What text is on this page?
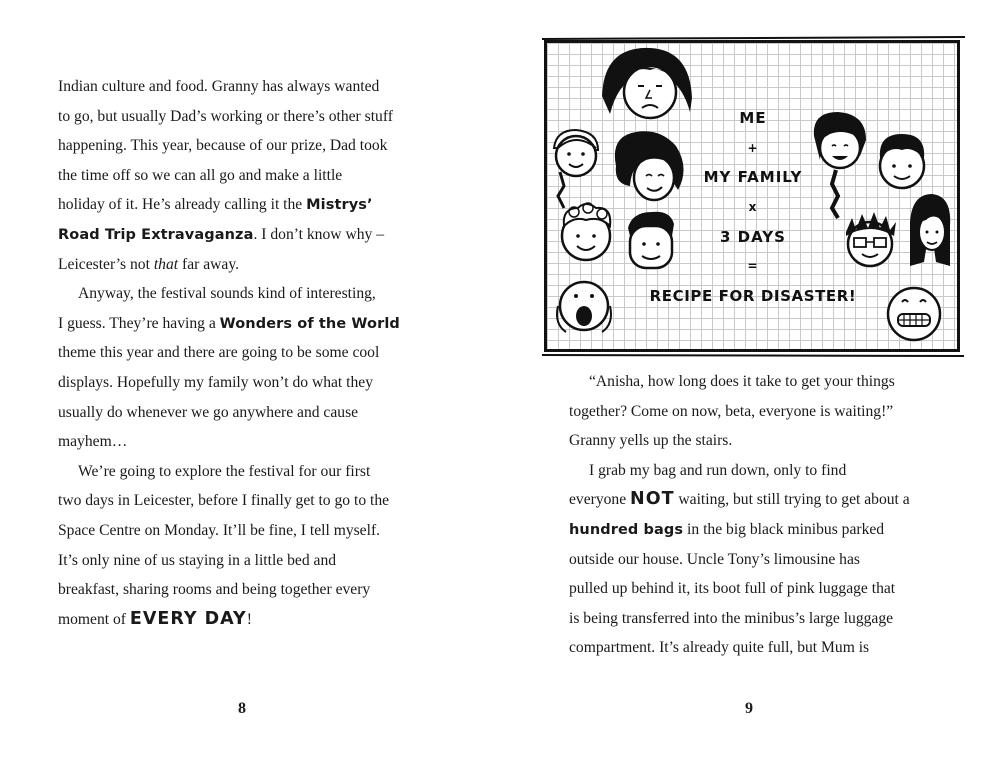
Indian culture and food. Granny has always wanted
to go, but usually Dad’s working or there’s other stuff
happening. This year, because of our prize, Dad took
the time off so we can all go and make a little
holiday of it. He’s already calling it the Mistrys’
Road Trip Extravaganza. I don’t know why –
Leicester’s not that far away.
Anyway, the festival sounds kind of interesting,
I guess. They’re having a Wonders of the World
theme this year and there are going to be some cool
displays. Hopefully my family won’t do what they
usually do whenever we go anywhere and cause
mayhem…
We’re going to explore the festival for our first
two days in Leicester, before I finally get to go to the
Space Centre on Monday. It’ll be fine, I tell myself.
It’s only nine of us staying in a little bed and
breakfast, sharing rooms and being together every
moment of EVERY DAY!
8
“Anisha, how long does it take to get your things
together? Come on now, beta, everyone is waiting!”
Granny yells up the stairs.
I grab my bag and run down, only to find
everyone NOT waiting, but still trying to get about a
hundred bags in the big black minibus parked
outside our house. Uncle Tony’s limousine has
pulled up behind it, its boot full of pink luggage that
is being transferred into the minibus’s large luggage
compartment. It’s already quite full, but Mum is
9
ME
+
MY FAMILY
x
3 DAYS
=
RECIPE FOR DISASTER!
